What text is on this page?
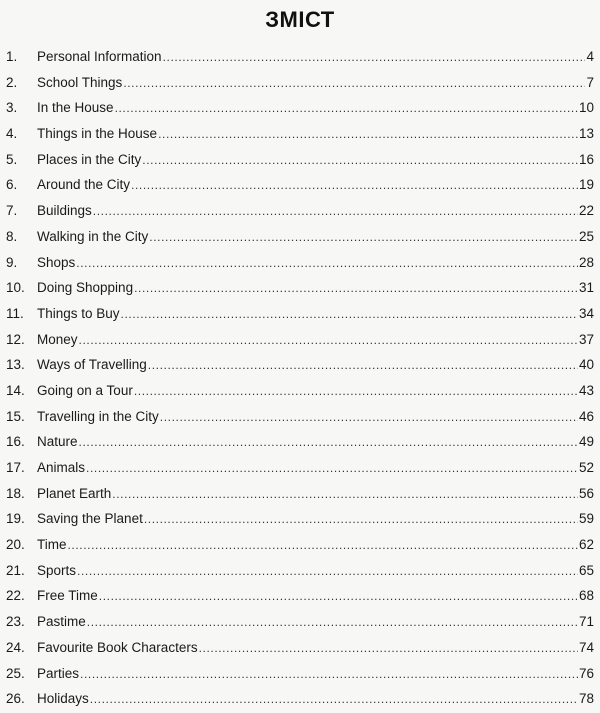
ЗМІСТ
1.	Personal Information .....	4
2.	School Things .....	7
3.	In the House .....	10
4.	Things in the House .....	13
5.	Places in the City .....	16
6.	Around the City .....	19
7.	Buildings .....	22
8.	Walking in the City .....	25
9.	Shops .....	28
10. Doing Shopping .....	31
11. Things to Buy .....	34
12. Money .....	37
13. Ways of Travelling .....	40
14. Going on a Tour .....	43
15. Travelling in the City .....	46
16. Nature .....	49
17. Animals .....	52
18. Planet Earth .....	56
19. Saving the Planet .....	59
20. Time .....	62
21. Sports .....	65
22. Free Time .....	68
23. Pastime .....	71
24. Favourite Book Characters .....	74
25. Parties .....	76
26. Holidays .....	78
